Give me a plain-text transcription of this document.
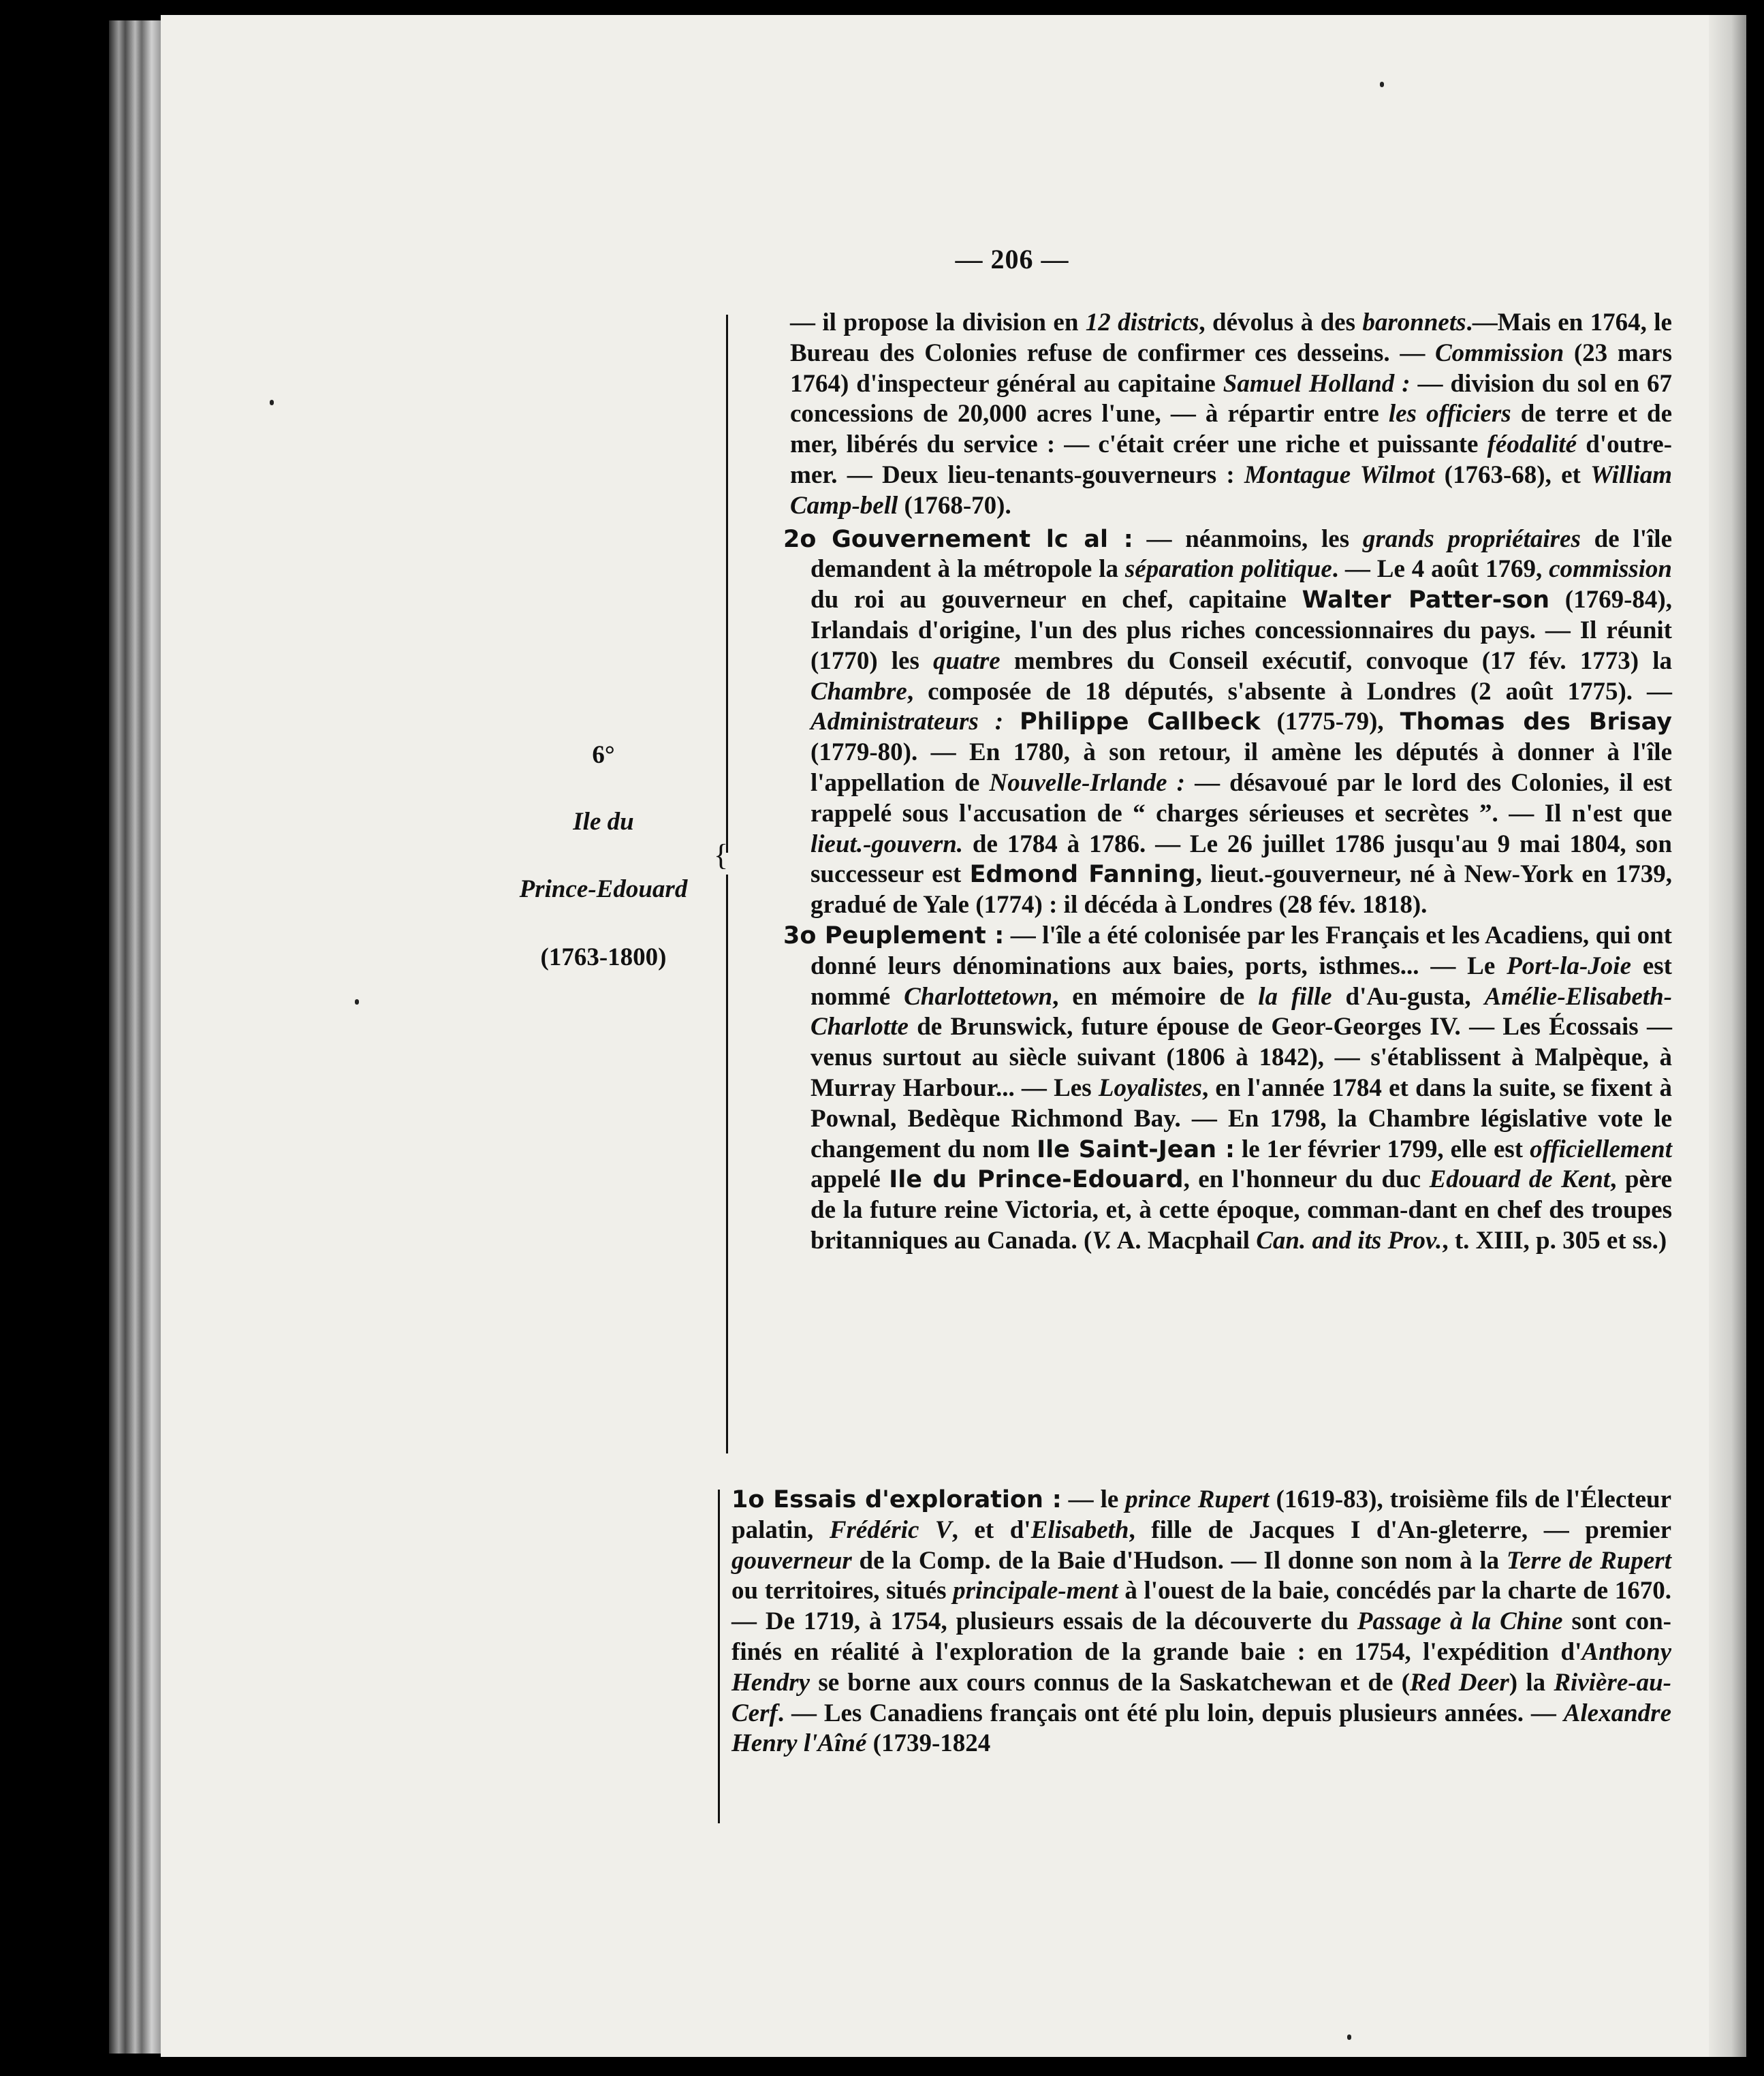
— 206 —
6°
Ile du
Prince-Edouard
(1763-1800)
{

— il propose la division en 12 districts, dévolus à des baronnets.—Mais en 1764, le Bureau des Colonies refuse de confirmer ces desseins. — Commission (23 mars 1764) d'inspecteur général au capitaine Samuel Holland : — division du sol en 67 concessions de 20,000 acres l'une, — à répartir entre les officiers de terre et de mer, libérés du service : — c'était créer une riche et puissante féodalité d'outre-mer. — Deux lieu-tenants-gouverneurs : Montague Wilmot (1763-68), et William Camp-bell (1768-70).

2o Gouvernement lc al : — néanmoins, les grands propriétaires de l'île demandent à la métropole la séparation politique. — Le 4 août 1769, commission du roi au gouverneur en chef, capitaine Walter Patter-son (1769-84), Irlandais d'origine, l'un des plus riches concessionnaires du pays. — Il réunit (1770) les quatre membres du Conseil exécutif, convoque (17 fév. 1773) la Chambre, composée de 18 députés, s'absente à Londres (2 août 1775). — Administrateurs : Philippe Callbeck (1775-79), Thomas des Brisay (1779-80). — En 1780, à son retour, il amène les députés à donner à l'île l'appellation de Nouvelle-Irlande : — désavoué par le lord des Colonies, il est rappelé sous l'accusation de “ charges sérieuses et secrètes ”. — Il n'est que lieut.-gouvern. de 1784 à 1786. — Le 26 juillet 1786 jusqu'au 9 mai 1804, son successeur est Edmond Fanning, lieut.-gouverneur, né à New-York en 1739, gradué de Yale (1774) : il décéda à Londres (28 fév. 1818).

3o Peuplement : — l'île a été colonisée par les Français et les Acadiens, qui ont donné leurs dénominations aux baies, ports, isthmes... — Le Port-la-Joie est nommé Charlottetown, en mémoire de la fille d'Au-gusta, Amélie-Elisabeth-Charlotte de Brunswick, future épouse de Geor-Georges IV. — Les Écossais — venus surtout au siècle suivant (1806 à 1842), — s'établissent à Malpèque, à Murray Harbour... — Les Loyalistes, en l'année 1784 et dans la suite, se fixent à Pownal, Bedèque Richmond Bay. — En 1798, la Chambre législative vote le changement du nom Ile Saint-Jean : le 1er février 1799, elle est officiellement appelé Ile du Prince-Edouard, en l'honneur du duc Edouard de Kent, père de la future reine Victoria, et, à cette époque, comman-dant en chef des troupes britanniques au Canada. (V. A. Macphail Can. and its Prov., t. XIII, p. 305 et ss.)

1o Essais d'exploration : — le prince Rupert (1619-83), troisième fils de l'Électeur palatin, Frédéric V, et d'Elisabeth, fille de Jacques I d'An-gleterre, — premier gouverneur de la Comp. de la Baie d'Hudson. — Il donne son nom à la Terre de Rupert ou territoires, situés principale-ment à l'ouest de la baie, concédés par la charte de 1670. — De 1719, à 1754, plusieurs essais de la découverte du Passage à la Chine sont con-finés en réalité à l'exploration de la grande baie : en 1754, l'expédition d'Anthony Hendry se borne aux cours connus de la Saskatchewan et de (Red Deer) la Rivière-au-Cerf. — Les Canadiens français ont été plu loin, depuis plusieurs années. — Alexandre Henry l'Aîné (1739-1824
